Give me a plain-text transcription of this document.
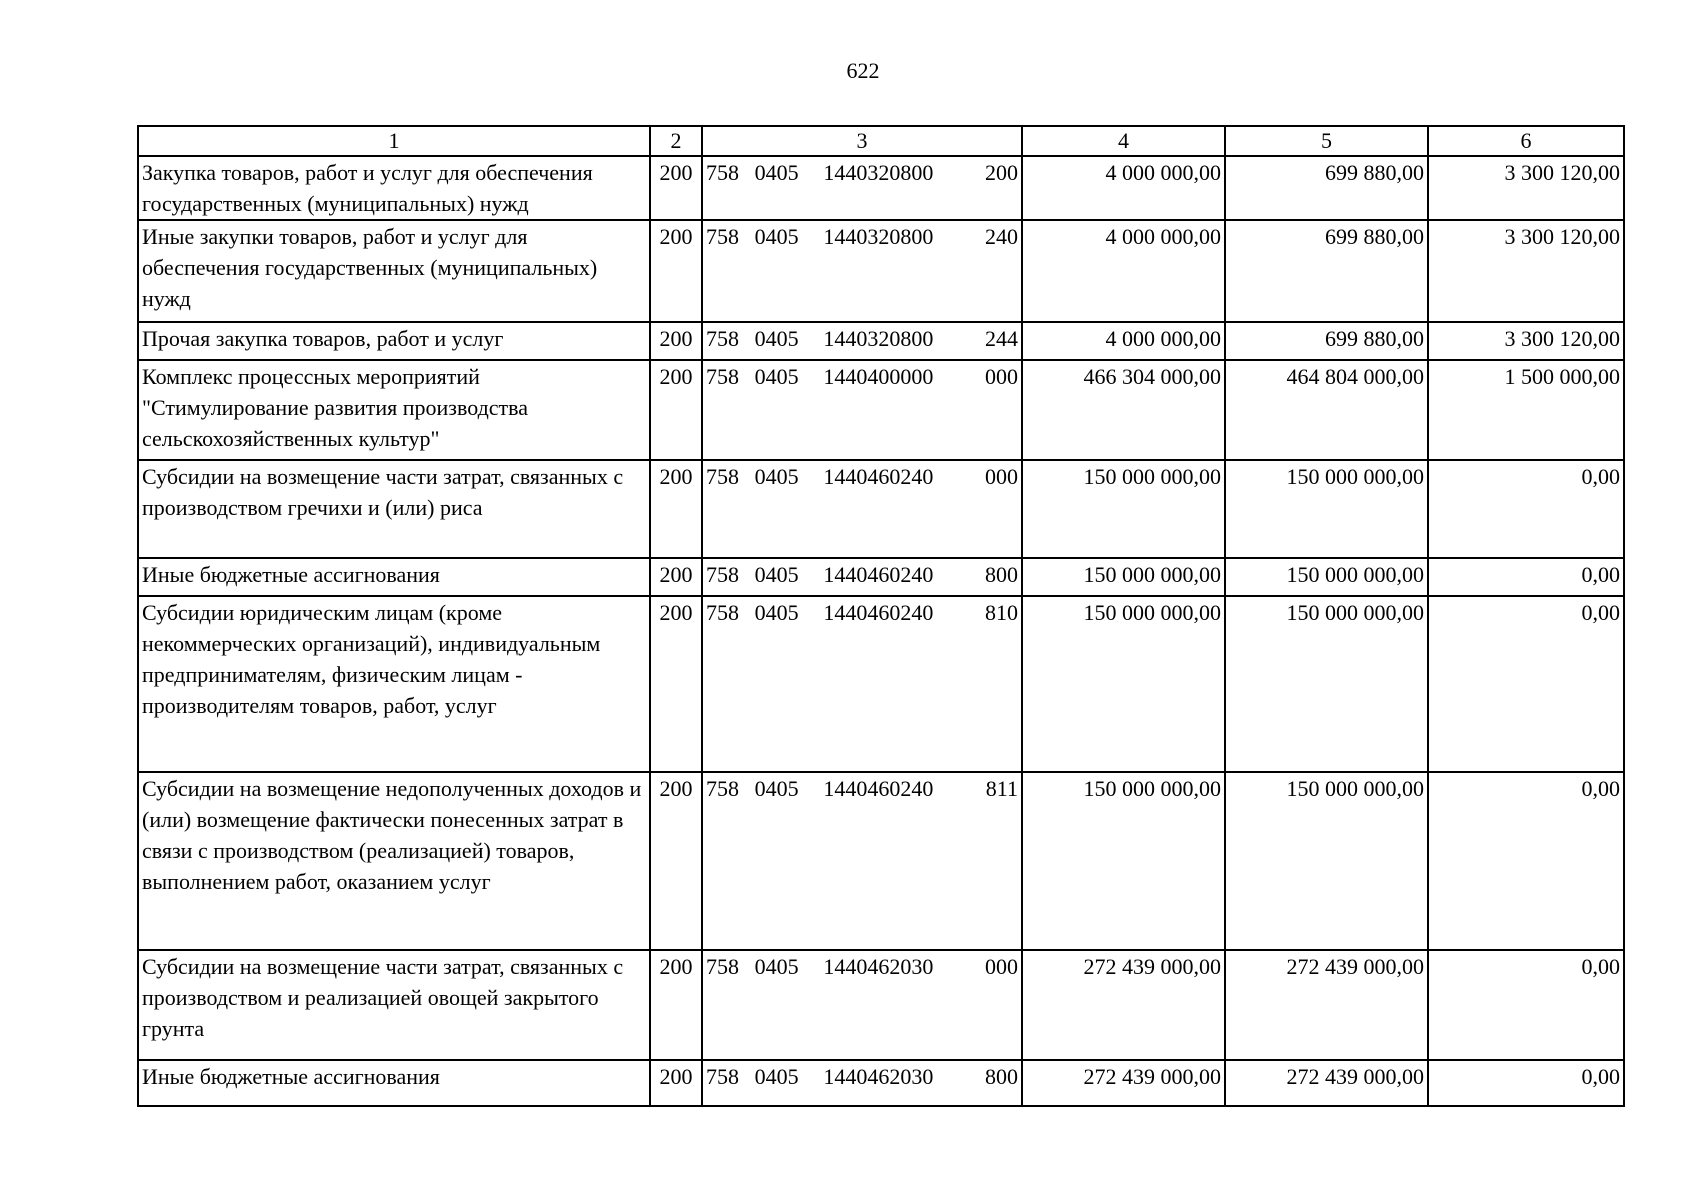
622
1	2	3	4	5	6
Закупка товаров, работ и услуг для обеспечения государственных (муниципальных) нужд	200	758 0405 1440320800 200	4 000 000,00	699 880,00	3 300 120,00
Иные закупки товаров, работ и услуг для обеспечения государственных (муниципальных) нужд	200	758 0405 1440320800 240	4 000 000,00	699 880,00	3 300 120,00
Прочая закупка товаров, работ и услуг	200	758 0405 1440320800 244	4 000 000,00	699 880,00	3 300 120,00
Комплекс процессных мероприятий "Стимулирование развития производства сельскохозяйственных культур"	200	758 0405 1440400000 000	466 304 000,00	464 804 000,00	1 500 000,00
Субсидии на возмещение части затрат, связанных с производством гречихи и (или) риса	200	758 0405 1440460240 000	150 000 000,00	150 000 000,00	0,00
Иные бюджетные ассигнования	200	758 0405 1440460240 800	150 000 000,00	150 000 000,00	0,00
Субсидии юридическим лицам (кроме некоммерческих организаций), индивидуальным предпринимателям, физическим лицам - производителям товаров, работ, услуг	200	758 0405 1440460240 810	150 000 000,00	150 000 000,00	0,00
Субсидии на возмещение недополученных доходов и (или) возмещение фактически понесенных затрат в связи с производством (реализацией) товаров, выполнением работ, оказанием услуг	200	758 0405 1440460240 811	150 000 000,00	150 000 000,00	0,00
Субсидии на возмещение части затрат, связанных с производством и реализацией овощей закрытого грунта	200	758 0405 1440462030 000	272 439 000,00	272 439 000,00	0,00
Иные бюджетные ассигнования	200	758 0405 1440462030 800	272 439 000,00	272 439 000,00	0,00
